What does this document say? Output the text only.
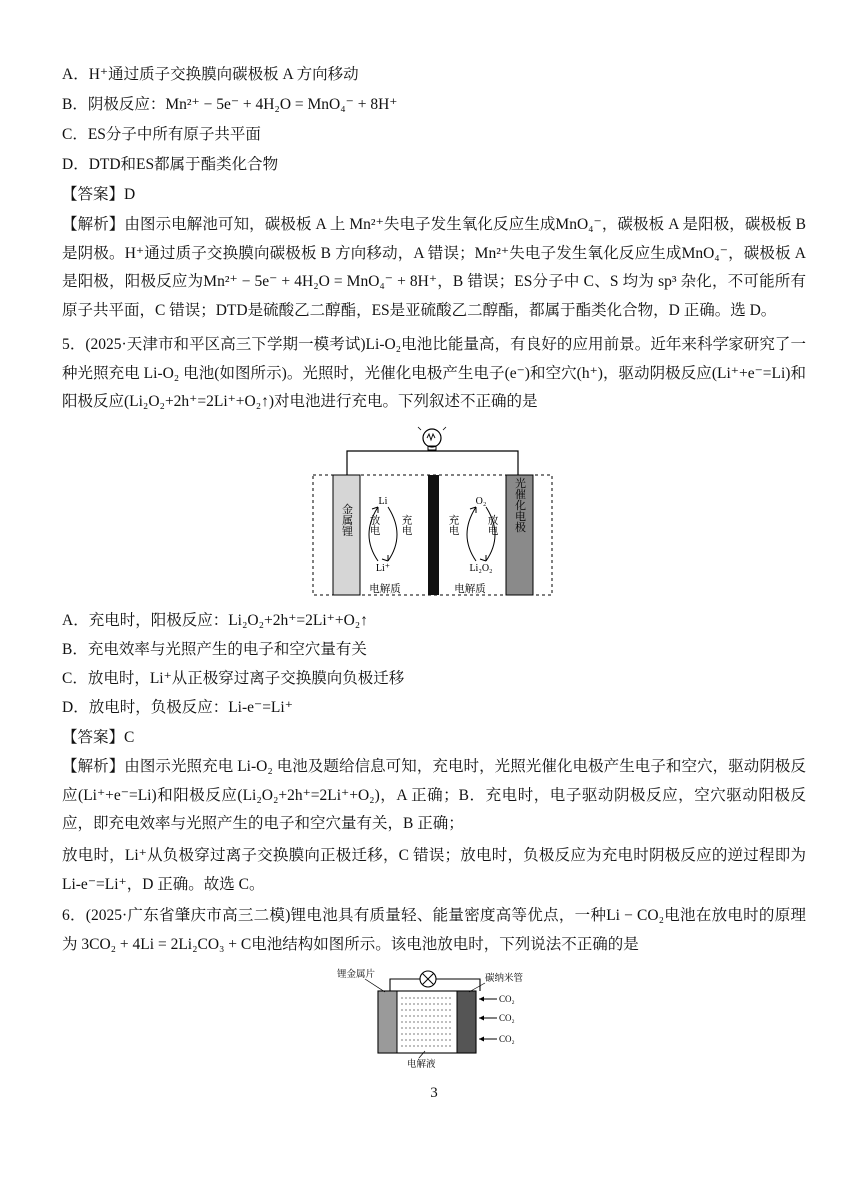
A．H⁺通过质子交换膜向碳极板 A 方向移动
B．阴极反应：Mn²⁺ − 5e⁻ + 4H₂O = MnO₄⁻ + 8H⁺
C．ES分子中所有原子共平面
D．DTD和ES都属于酯类化合物
【答案】D
【解析】由图示电解池可知，碳极板 A 上 Mn²⁺失电子发生氧化反应生成MnO₄⁻，碳极板 A 是阳极，碳极板 B 是阴极。H⁺通过质子交换膜向碳极板 B 方向移动，A 错误；Mn²⁺失电子发生氧化反应生成MnO₄⁻，碳极板 A 是阳极，阳极反应为Mn²⁺ − 5e⁻ + 4H₂O = MnO₄⁻ + 8H⁺，B 错误；ES分子中 C、S 均为 sp³ 杂化，不可能所有原子共平面，C 错误；DTD是硫酸乙二醇酯，ES是亚硫酸乙二醇酯，都属于酯类化合物，D 正确。选 D。
5．(2025·天津市和平区高三下学期一模考试)Li-O₂电池比能量高，有良好的应用前景。近年来科学家研究了一种光照充电 Li-O₂ 电池(如图所示)。光照时，光催化电极产生电子(e⁻)和空穴(h⁺)，驱动阴极反应(Li⁺+e⁻=Li)和阳极反应(Li₂O₂+2h⁺=2Li⁺+O₂↑)对电池进行充电。下列叙述不正确的是
金属锂	光催化电极
Li
Li⁺
放电 充电
O₂
Li₂O₂
充电	放电
电解质	电解质
A．充电时，阳极反应：Li₂O₂+2h⁺=2Li⁺+O₂↑
B．充电效率与光照产生的电子和空穴量有关
C．放电时，Li⁺从正极穿过离子交换膜向负极迁移
D．放电时，负极反应：Li-e⁻=Li⁺
【答案】C
【解析】由图示光照充电 Li-O₂ 电池及题给信息可知，充电时，光照光催化电极产生电子和空穴，驱动阴极反应(Li⁺+e⁻=Li)和阳极反应(Li₂O₂+2h⁺=2Li⁺+O₂)，A 正确；B．充电时，电子驱动阴极反应，空穴驱动阳极反应，即充电效率与光照产生的电子和空穴量有关，B 正确；
放电时，Li⁺从负极穿过离子交换膜向正极迁移，C 错误；放电时，负极反应为充电时阴极反应的逆过程即为 Li-e⁻=Li⁺，D 正确。故选 C。
6．(2025·广东省肇庆市高三二模)锂电池具有质量轻、能量密度高等优点，一种Li − CO₂电池在放电时的原理为 3CO₂ + 4Li = 2Li₂CO₃ + C电池结构如图所示。该电池放电时，下列说法不正确的是
CO₂
CO₂
CO₂
锂金属片	碳纳米管
电解液
3
